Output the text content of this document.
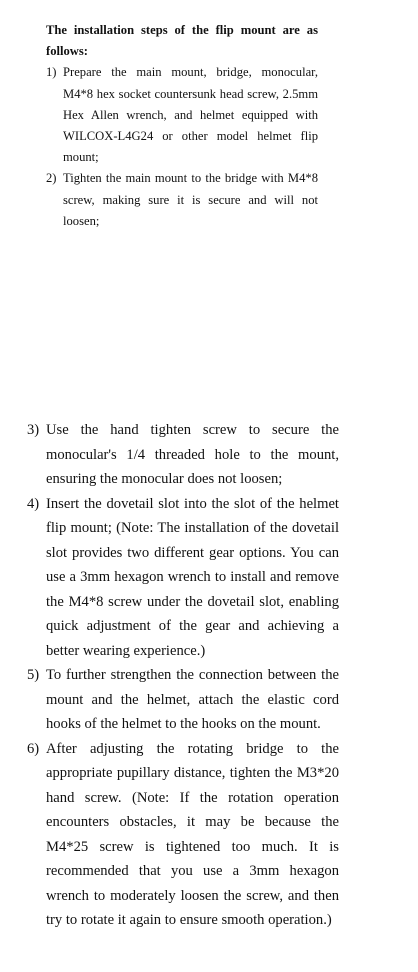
The installation steps of the flip mount are as follows:

1) Prepare the main mount, bridge, monocular, M4*8 hex socket countersunk head screw, 2.5mm Hex Allen wrench, and helmet equipped with WILCOX-L4G24 or other model helmet flip mount;
2) Tighten the main mount to the bridge with M4*8 screw, making sure it is secure and will not loosen;
3) Use the hand tighten screw to secure the monocular's 1/4 threaded hole to the mount, ensuring the monocular does not loosen;
4) Insert the dovetail slot into the slot of the helmet flip mount; (Note: The installation of the dovetail slot provides two different gear options. You can use a 3mm hexagon wrench to install and remove the M4*8 screw under the dovetail slot, enabling quick adjustment of the gear and achieving a better wearing experience.)
5) To further strengthen the connection between the mount and the helmet, attach the elastic cord hooks of the helmet to the hooks on the mount.
6) After adjusting the rotating bridge to the appropriate pupillary distance, tighten the M3*20 hand screw. (Note: If the rotation operation encounters obstacles, it may be because the M4*25 screw is tightened too much. It is recommended that you use a 3mm hexagon wrench to moderately loosen the screw, and then try to rotate it again to ensure smooth operation.)
